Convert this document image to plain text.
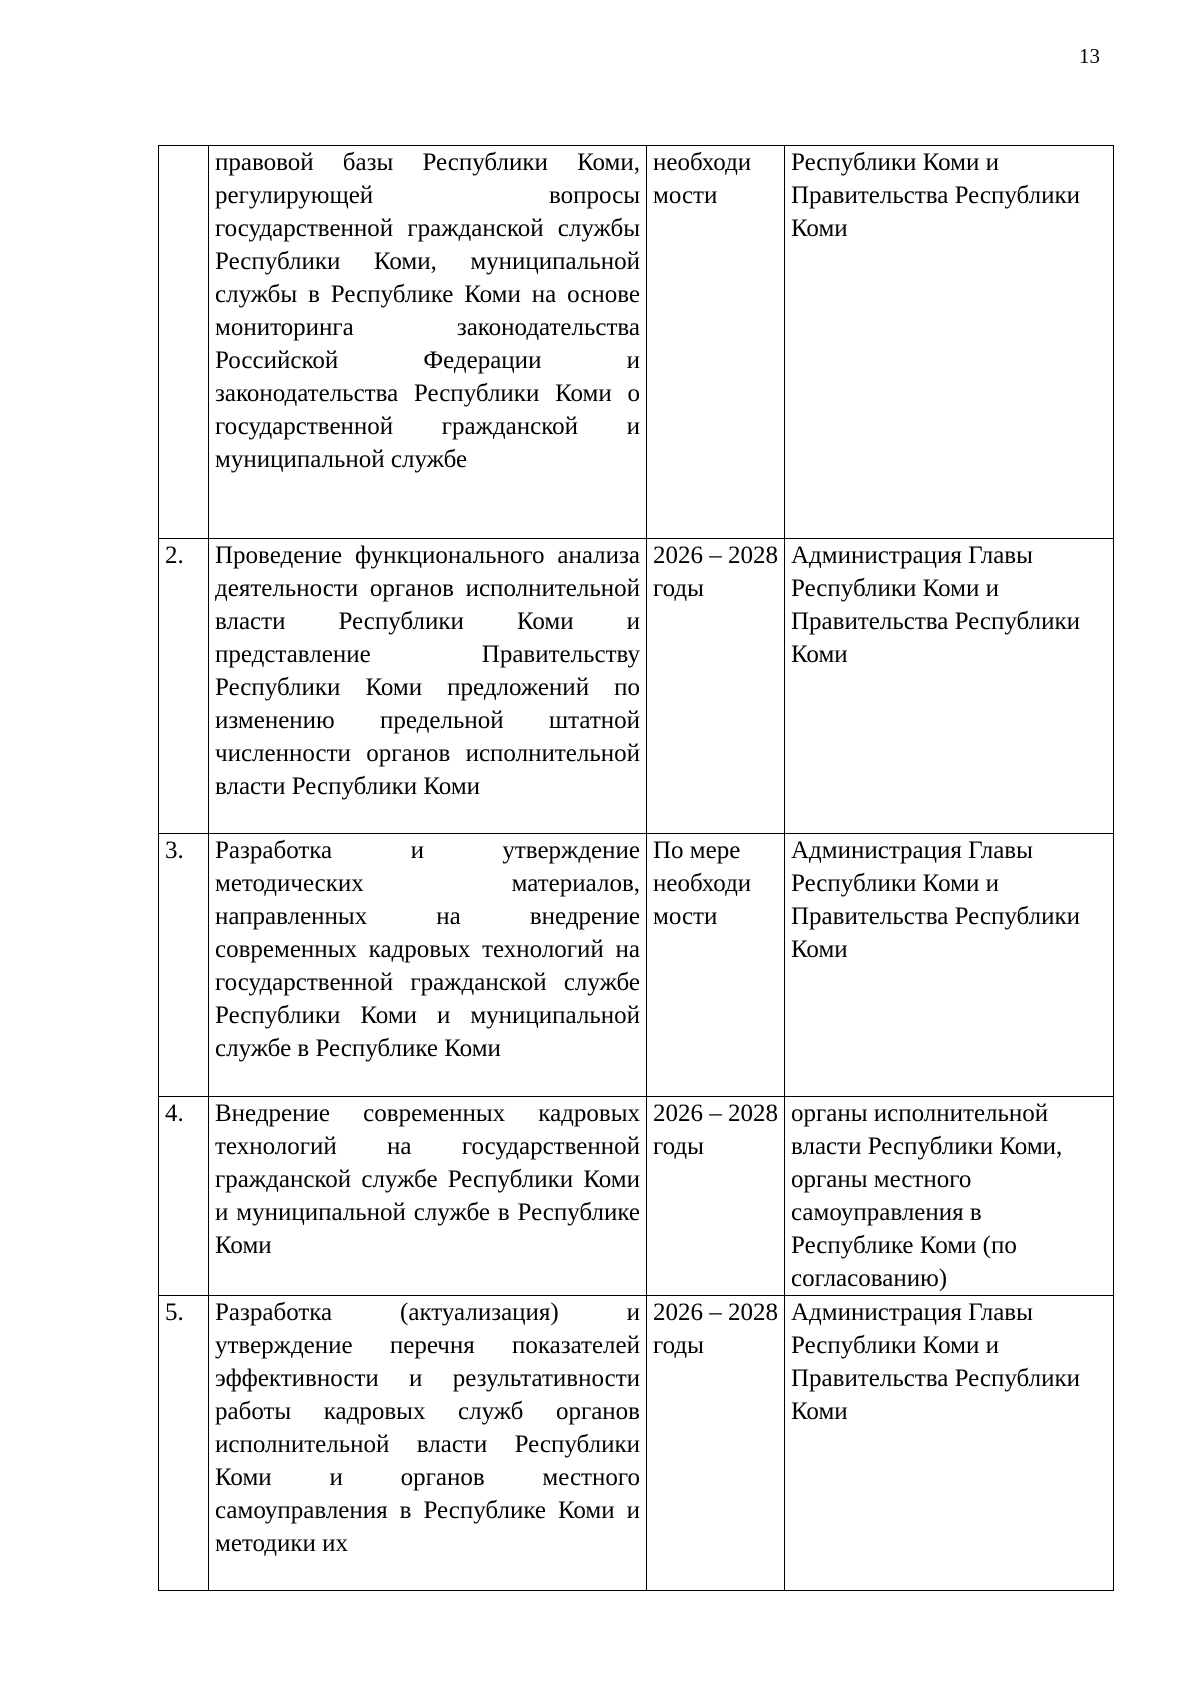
13
	правовой базы Республики Коми, регулирующей вопросы государственной гражданской службы Республики Коми, муниципальной службы в Республике Коми на основе мониторинга законодательства Российской Федерации и законодательства Республики Коми о государственной гражданской и муниципальной службе	необходи мости	Республики Коми и Правительства Республики Коми
2.	Проведение функционального анализа деятельности органов исполнительной власти Республики Коми и представление Правительству Республики Коми предложений по изменению предельной штатной численности органов исполнительной власти Республики Коми	2026 – 2028 годы	Администрация Главы Республики Коми и Правительства Республики Коми
3.	Разработка и утверждение методических материалов, направленных на внедрение современных кадровых технологий на государственной гражданской службе Республики Коми и муниципальной службе в Республике Коми	По мере необходи мости	Администрация Главы Республики Коми и Правительства Республики Коми
4.	Внедрение современных кадровых технологий на государственной гражданской службе Республики Коми и муниципальной службе в Республике Коми	2026 – 2028 годы	органы исполнительной власти Республики Коми, органы местного самоуправления в Республике Коми (по согласованию)
5.	Разработка (актуализация) и утверждение перечня показателей эффективности и результативности работы кадровых служб органов исполнительной власти Республики Коми и органов местного самоуправления в Республике Коми и методики их	2026 – 2028 годы	Администрация Главы Республики Коми и Правительства Республики Коми
